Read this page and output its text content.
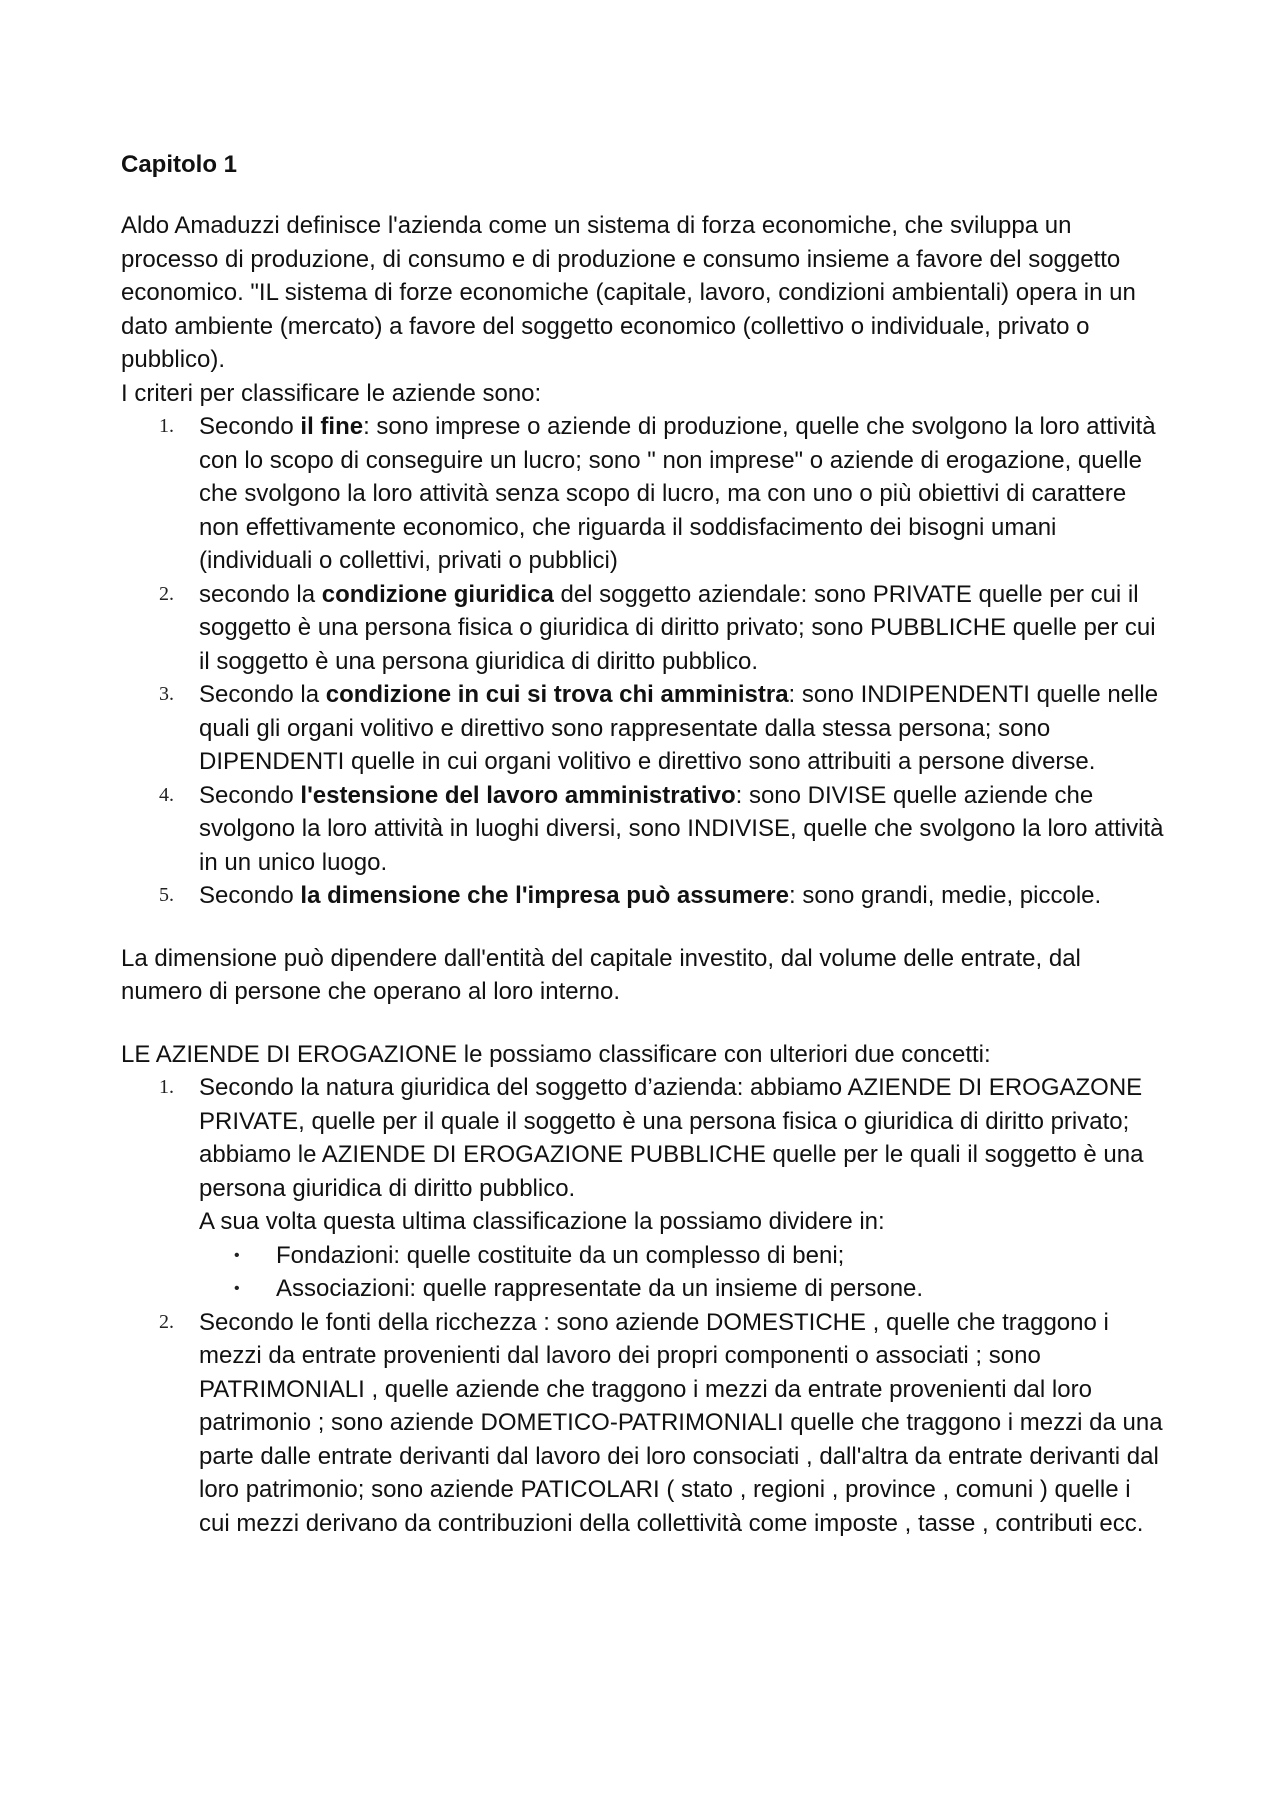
Capitolo 1

Aldo Amaduzzi definisce l'azienda come un sistema di forza economiche, che sviluppa un processo di produzione, di consumo e di produzione e consumo insieme a favore del soggetto economico. "IL sistema di forze economiche (capitale, lavoro, condizioni ambientali) opera in un dato ambiente (mercato) a favore del soggetto economico (collettivo o individuale, privato o pubblico).

I criteri per classificare le aziende sono:

1.	Secondo il fine: sono imprese o aziende di produzione, quelle che svolgono la loro attività con lo scopo di conseguire un lucro; sono " non imprese" o aziende di erogazione, quelle che svolgono la loro attività senza scopo di lucro, ma con uno o più obiettivi di carattere non effettivamente economico, che riguarda il soddisfacimento dei bisogni umani (individuali o collettivi, privati o pubblici)
2.	secondo la condizione giuridica del soggetto aziendale: sono PRIVATE quelle per cui il soggetto è una persona fisica o giuridica di diritto privato; sono PUBBLICHE quelle per cui il soggetto è una persona giuridica di diritto pubblico.
3.	Secondo la condizione in cui si trova chi amministra: sono INDIPENDENTI quelle nelle quali gli organi volitivo e direttivo sono rappresentate dalla stessa persona; sono DIPENDENTI quelle in cui organi volitivo e direttivo sono attribuiti a persone diverse.
4.	Secondo l'estensione del lavoro amministrativo: sono DIVISE quelle aziende che svolgono la loro attività in luoghi diversi, sono INDIVISE, quelle che svolgono la loro attività in un unico luogo.
5.	Secondo la dimensione che l'impresa può assumere: sono grandi, medie, piccole.

La dimensione può dipendere dall'entità del capitale investito, dal volume delle entrate, dal numero di persone che operano al loro interno.

LE AZIENDE DI EROGAZIONE le possiamo classificare con ulteriori due concetti:

1.	Secondo la natura giuridica del soggetto d’azienda: abbiamo AZIENDE DI EROGAZONE PRIVATE, quelle per il quale il soggetto è una persona fisica o giuridica di diritto privato; abbiamo le AZIENDE DI EROGAZIONE PUBBLICHE quelle per le quali il soggetto è una persona giuridica di diritto pubblico.
A sua volta questa ultima classificazione la possiamo dividere in:
• Fondazioni: quelle costituite da un complesso di beni;
• Associazioni: quelle rappresentate da un insieme di persone.
2.	Secondo le fonti della ricchezza : sono aziende DOMESTICHE , quelle che traggono i mezzi da entrate provenienti dal lavoro dei propri componenti o associati ; sono PATRIMONIALI , quelle aziende che traggono i mezzi da entrate provenienti dal loro patrimonio ; sono aziende DOMETICO-PATRIMONIALI quelle che traggono i mezzi da una parte dalle entrate derivanti dal lavoro dei loro consociati , dall'altra da entrate derivanti dal loro patrimonio; sono aziende PATICOLARI ( stato , regioni , province , comuni ) quelle i cui mezzi derivano da contribuzioni della collettività come imposte , tasse , contributi ecc.
